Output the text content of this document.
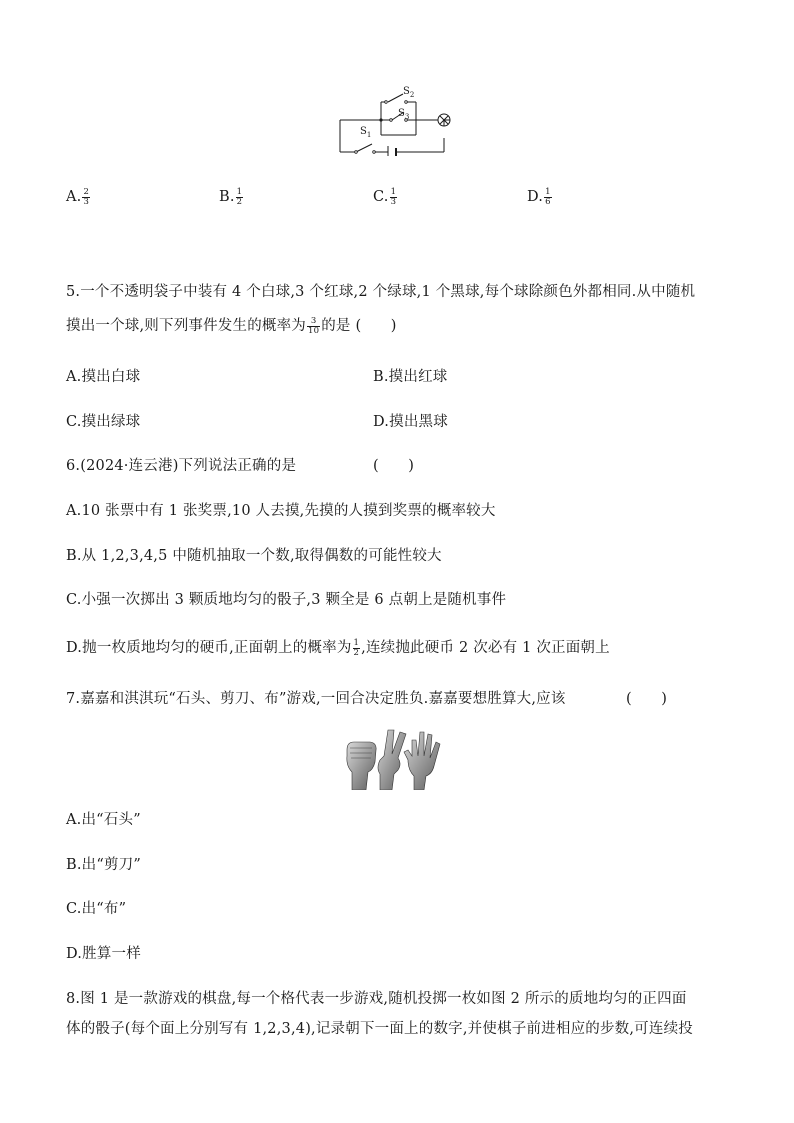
$S_2$
$S_3$
$S_1$
A. $\frac{2}{3}$	B. $\frac{1}{2}$	C. $\frac{1}{3}$	D. $\frac{1}{6}$
5.一个不透明袋子中装有 4 个白球,3 个红球,2 个绿球,1 个黑球,每个球除颜色外都相同.从中随机
摸出一个球,则下列事件发生的概率为 $\frac{3}{10}$ 的是 (　　)
A.摸出白球	B.摸出红球
C.摸出绿球	D.摸出黑球
6.(2024·连云港)下列说法正确的是	(　　)
A.10 张票中有 1 张奖票,10 人去摸,先摸的人摸到奖票的概率较大
B.从 1,2,3,4,5 中随机抽取一个数,取得偶数的可能性较大
C.小强一次掷出 3 颗质地均匀的骰子,3 颗全是 6 点朝上是随机事件
D.抛一枚质地均匀的硬币,正面朝上的概率为 $\frac{1}{2}$ ,连续抛此硬币 2 次必有 1 次正面朝上
7.嘉嘉和淇淇玩“石头、剪刀、布”游戏,一回合决定胜负.嘉嘉要想胜算大,应该	(　　)
A.出“石头”
B.出“剪刀”
C.出“布”
D.胜算一样
8.图 1 是一款游戏的棋盘,每一个格代表一步游戏,随机投掷一枚如图 2 所示的质地均匀的正四面
体的骰子(每个面上分别写有 1,2,3,4),记录朝下一面上的数字,并使棋子前进相应的步数,可连续投
